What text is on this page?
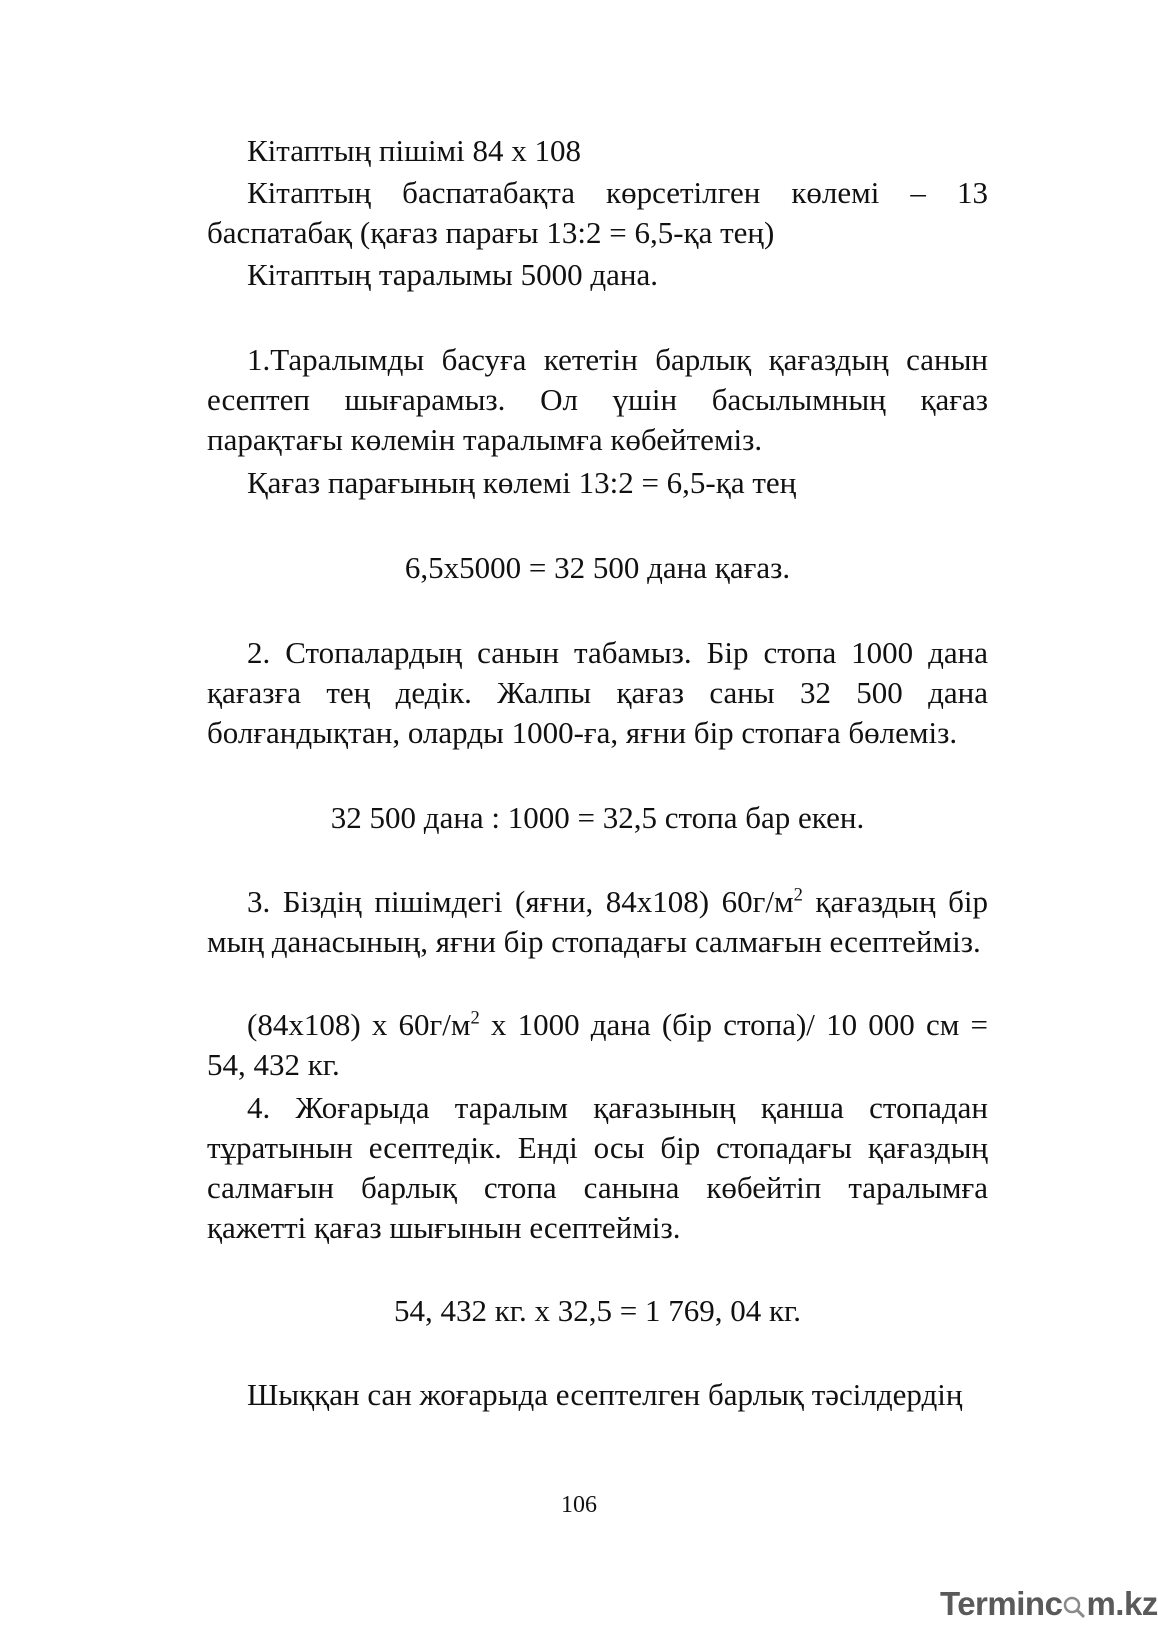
Кітаптың пішімі 84 х 108

Кітаптың баспатабақта көрсетілген көлемі – 13 баспатабақ (қағаз парағы 13:2 = 6,5-қа тең)

Кітаптың таралымы 5000 дана.

1.Таралымды басуға кететін барлық қағаздың санын есептеп шығарамыз. Ол үшін басылымның қағаз парақтағы көлемін таралымға көбейтеміз.

Қағаз парағының көлемі 13:2 = 6,5-қа тең

6,5х5000 = 32 500 дана қағаз.

2. Стопалардың санын табамыз. Бір стопа 1000 дана қағазға тең дедік. Жалпы қағаз саны 32 500 дана болғандықтан, оларды 1000-ға, яғни бір стопаға бөлеміз.

32 500 дана : 1000 = 32,5 стопа бар екен.

3. Біздің пішімдегі (яғни, 84х108) $60г/м^2$ қағаздың бір мың данасының, яғни бір стопадағы салмағын есептейміз.

(84х108) х $60г/м^2$ х 1000 дана (бір стопа)/ 10 000 см = 54, 432 кг.

4. Жоғарыда таралым қағазының қанша стопадан тұратынын есептедік. Енді осы бір стопадағы қағаздың салмағын барлық стопа санына көбейтіп таралымға қажетті қағаз шығынын есептейміз.

54, 432 кг. х 32,5 = 1 769, 04 кг.

Шыққан сан жоғарыда есептелген барлық тәсілдердің

106
Terminc m.kz
